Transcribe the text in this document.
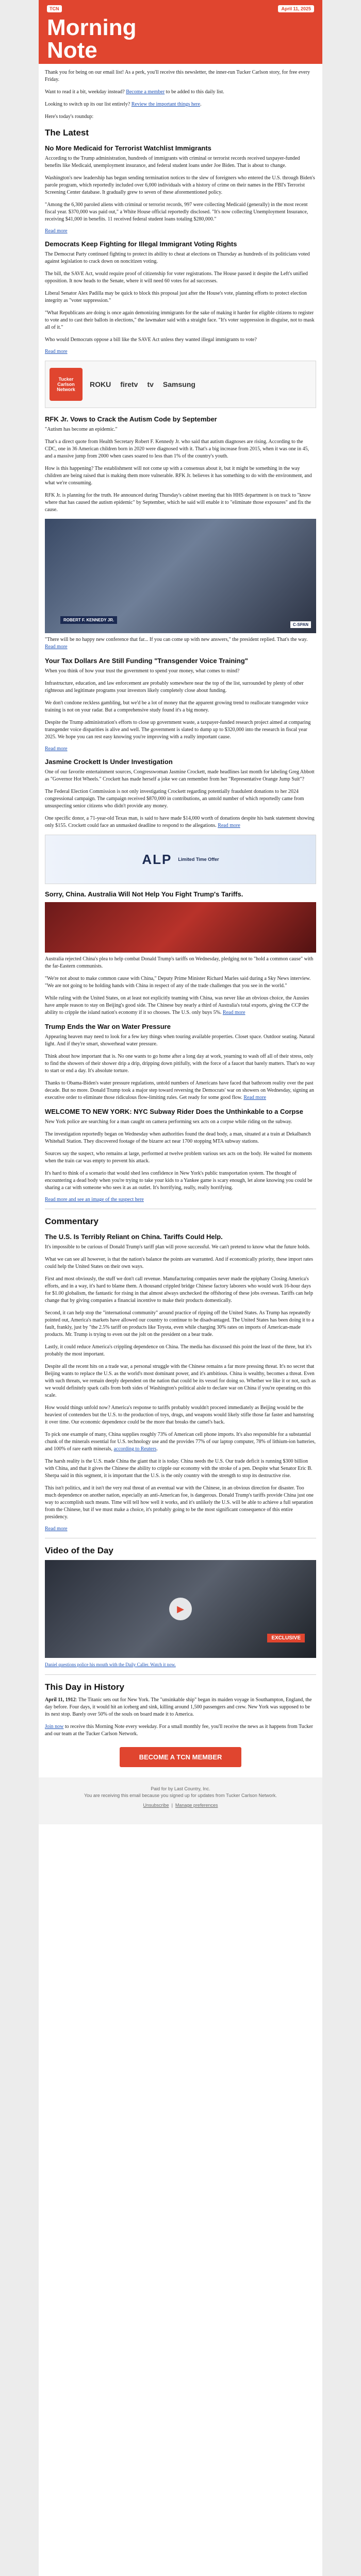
TCN	April 11, 2025
Morning
Note

Thank you for being on our email list! As a perk, you'll receive this newsletter, the inner-run Tucker Carlson story, for free every Friday.

Want to read it a bit, weekday instead? Become a member to be added to this daily list.

Looking to switch up its our list entirely? Review the important things here.

Here's today's roundup:

The Latest
No More Medicaid for Terrorist Watchlist Immigrants

According to the Trump administration, hundreds of immigrants with criminal or terrorist records received taxpayer-funded benefits like Medicaid, unemployment insurance, and federal student loans under Joe Biden. That is about to change.

Washington's new leadership has begun sending termination notices to the slew of foreigners who entered the U.S. through Biden's parole program, which reportedly included over 6,000 individuals with a history of crime on their names in the FBI's Terrorist Screening Center database. It gradually grew to seven of these aforementioned policy.

"Among the 6,300 paroled aliens with criminal or terrorist records, 997 were collecting Medicaid (generally) in the most recent fiscal year. $370,000 was paid out," a White House official reportedly disclosed. "It's now collecting Unemployment Insurance, receiving $41,000 in benefits. 11 received federal student loans totaling $280,000."

Read more
Democrats Keep Fighting for Illegal Immigrant Voting Rights

The Democrat Party continued fighting to protect its ability to cheat at elections on Thursday as hundreds of its politicians voted against legislation to crack down on noncitizen voting.

The bill, the SAVE Act, would require proof of citizenship for voter registrations. The House passed it despite the Left's unified opposition. It now heads to the Senate, where it will need 60 votes for ad successes.

Liberal Senator Alex Padilla may be quick to block this proposal just after the House's vote, planning efforts to protect election integrity as "voter suppression."

"What Republicans are doing is once again demonizing immigrants for the sake of making it harder for eligible citizens to register to vote and to cast their ballots in elections," the lawmaker said with a straight face. "It's voter suppression in disguise, not to mask all of it."

Who would Democrats oppose a bill like the SAVE Act unless they wanted illegal immigrants to vote?

Read more
Tucker Carlson Network
ROKU firetv tv Samsung
RFK Jr. Vows to Crack the Autism Code by September

"Autism has become an epidemic."

That's a direct quote from Health Secretary Robert F. Kennedy Jr. who said that autism diagnoses are rising. According to the CDC, one in 36 American children born in 2020 were diagnosed with it. That's a big increase from 2015, when it was one in 45, and a massive jump from 2000 when cases soared to less than 1% of the country's youth.

How is this happening? The establishment will not come up with a consensus about it, but it might be something in the way children are being raised that is making them more vulnerable. RFK Jr. believes it has something to do with the environment, and what we're consuming.

RFK Jr. is planning for the truth. He announced during Thursday's cabinet meeting that his HHS department is on track to "know where that has caused the autism epidemic" by September, which he said will enable it to "eliminate those exposures" and fix the cause.

ROBERT F. KENNEDY JR.
C-SPAN

"There will be no happy new conference that far... If you can come up with new answers," the president replied. That's the way. Read more

Your Tax Dollars Are Still Funding "Transgender Voice Training"

When you think of how your trust the government to spend your money, what comes to mind?

Infrastructure, education, and law enforcement are probably somewhere near the top of the list, surrounded by plenty of other righteous and legitimate programs your investors likely completely close about funding.

We don't condone reckless gambling, but we'd be a lot of money that the apparent growing trend to reallocate transgender voice training is not on your radar. But a comprehensive study found it's a big money.

Despite the Trump administration's efforts to close up government waste, a taxpayer-funded research project aimed at comparing transgender voice disparities is alive and well. The government is slated to dump up to $320,000 into the research in fiscal year 2025. We hope you can rest easy knowing you're improving with a really important cause.

Read more
Jasmine Crockett Is Under Investigation

One of our favorite entertainment sources, Congresswoman Jasmine Crockett, made headlines last month for labeling Greg Abbott as "Governor Hot Wheels." Crockett has made herself a joke we can remember from her "Representative Orange Jump Suit"?

The Federal Election Commission is not only investigating Crockett regarding potentially fraudulent donations to her 2024 congressional campaign. The campaign received $870,000 in contributions, an untold number of which reportedly came from unsuspecting senior citizens who didn't provide any money.

One specific donor, a 71-year-old Texas man, is said to have made $14,000 worth of donations despite his bank statement showing only $155. Crockett could face an unmasked deadline to respond to the allegations. Read more

ALP Limited Time Offer
Sorry, China. Australia Will Not Help You Fight Trump's Tariffs.

Australia rejected China's plea to help combat Donald Trump's tariffs on Wednesday, pledging not to "hold a common cause" with the far-Eastern communists.

"We're not about to make common cause with China," Deputy Prime Minister Richard Marles said during a Sky News interview. "We are not going to be holding hands with China in respect of any of the trade challenges that you see in the world."

While ruling with the United States, on at least not explicitly teaming with China, was never like an obvious choice, the Aussies have ample reason to stay on Beijing's good side. The Chinese buy nearly a third of Australia's total exports, giving the CCP the ability to cripple the island nation's economy if it so chooses. The U.S. only buys 5%. Read more

Trump Ends the War on Water Pressure

Appearing heaven may need to look for a few key things when touring available properties. Closet space. Outdoor seating. Natural light. And if they're smart, showerhead water pressure.

Think about how important that is. No one wants to go home after a long day at work, yearning to wash off all of their stress, only to find the showers of their shower drip a drip, dripping down pitifully, with the force of a faucet that barely matters. That's no way to start or end a day. It's absolute torture.

Thanks to Obama-Biden's water pressure regulations, untold numbers of Americans have faced that bathroom reality over the past decade. But no more. Donald Trump took a major step toward reversing the Democrats' war on showers on Wednesday, signing an executive order to eliminate those ridiculous flow-limiting rules. Get ready for some good flow. Read more

WELCOME TO NEW YORK: NYC Subway Rider Does the Unthinkable to a Corpse

New York police are searching for a man caught on camera performing sex acts on a corpse while riding on the subway.

The investigation reportedly began on Wednesday when authorities found the dead body, a man, situated at a train at Dekalbanch Whitehall Station. They discovered footage of the bizarre act near 1700 stopping MTA subway stations.

Sources say the suspect, who remains at large, performed at twelve problem various sex acts on the body. He waited for moments when the train car was empty to prevent his attack.

It's hard to think of a scenario that would shed less confidence in New York's public transportation system. The thought of encountering a dead body when you're trying to take your kids to a Yankee game is scary enough, let alone knowing you could be sharing a car with someone who sees it as an outlet. It's horrifying, really, really horrifying.

Read more and see an image of the suspect here
Commentary
The U.S. Is Terribly Reliant on China. Tariffs Could Help.

It's impossible to be curious of Donald Trump's tariff plan will prove successful. We can't pretend to know what the future holds.

What we can see all however, is that the nation's balance the points are warranted. And if economically priority, these import rates could help the United States on their own ways.

First and most obviously, the stuff we don't call revenue. Manufacturing companies never made the epiphany Closing America's efforts, and in a way, it's hard to blame them. A thousand crippled bridge Chinese factory laborers who would work 16-hour days for $1.00 globalism, the fantastic for rising in that almost always unchecked the offshoring of these jobs overseas. Tariffs can help change that by giving companies a financial incentive to make their products domestically.

Second, it can help stop the "international community" around practice of ripping off the United States. As Trump has repeatedly pointed out, America's markets have allowed our country to continue to be disadvantaged. The United States has been doing it to a fault, frankly, just by "the 2.5% tariff on products like Toyota, even while charging 30% rates on imports of American-made products. Mr. Trump is trying to even out the jolt on the president on a bear trade.

Lastly, it could reduce America's crippling dependence on China. The media has discussed this point the least of the three, but it's probably the most important.

Despite all the recent hits on a trade war, a personal struggle with the Chinese remains a far more pressing threat. It's no secret that Beijing wants to replace the U.S. as the world's most dominant power, and it's ambitious. China is wealthy, becomes a threat. Even with such threats, we remain deeply dependent on the nation that could be its vessel for doing so. Whether we like it or not, such as we would definitely spark calls from both sides of Washington's political aisle to declare war on China if you're operating on this scale.

How would things unfold now? America's response to tariffs probably wouldn't proceed immediately as Beijing would be the heaviest of contenders but the U.S. to the production of toys, drugs, and weapons would likely stifle those far faster and hamstring it over time. Our economic dependence could be the more that breaks the camel's back.

To pick one example of many, China supplies roughly 73% of American cell phone imports. It's also responsible for a substantial chunk of the minerals essential for U.S. technology use and the provides 77% of our laptop computer, 78% of lithium-ion batteries, and 100% of rare earth minerals, according to Reuters.

The harsh reality is the U.S. made China the giant that it is today. China needs the U.S. Our trade deficit is running $300 billion with China, and that it gives the Chinese the ability to cripple our economy with the stroke of a pen. Despite what Senator Eric B. Sherpa said in this segment, it is important that the U.S. is the only country with the strength to stop its destructive rise.

This isn't politics, and it isn't the very real threat of an eventual war with the Chinese, in an obvious direction for disaster. Too much dependence on another nation, especially an anti-American foe, is dangerous. Donald Trump's tariffs provide China just one way to accomplish such means. Time will tell how well it works, and it's unlikely the U.S. will be able to achieve a full separation from the Chinese, but if we must make a choice, it's probably going to be the most significant consequence of this entire presidency.

Read more
Video of the Day
▶
EXCLUSIVE

Daniel questions police his mouth with the Daily Caller. Watch it now.

This Day in History

April 11, 1912: The Titanic sets out for New York. The "unsinkable ship" began its maiden voyage in Southampton, England, the day before. Four days, it would hit an iceberg and sink, killing around 1,500 passengers and crew. New York was supposed to be its next stop. Barely over 50% of the souls on board made it to America.

Join now to receive this Morning Note every weekday. For a small monthly fee, you'll receive the news as it happens from Tucker and our team at the Tucker Carlson Network.

BECOME A TCN MEMBER
Paid for by Last Country, Inc.
You are receiving this email because you signed up for updates from Tucker Carlson Network.
Unsubscribe  |  Manage preferences
